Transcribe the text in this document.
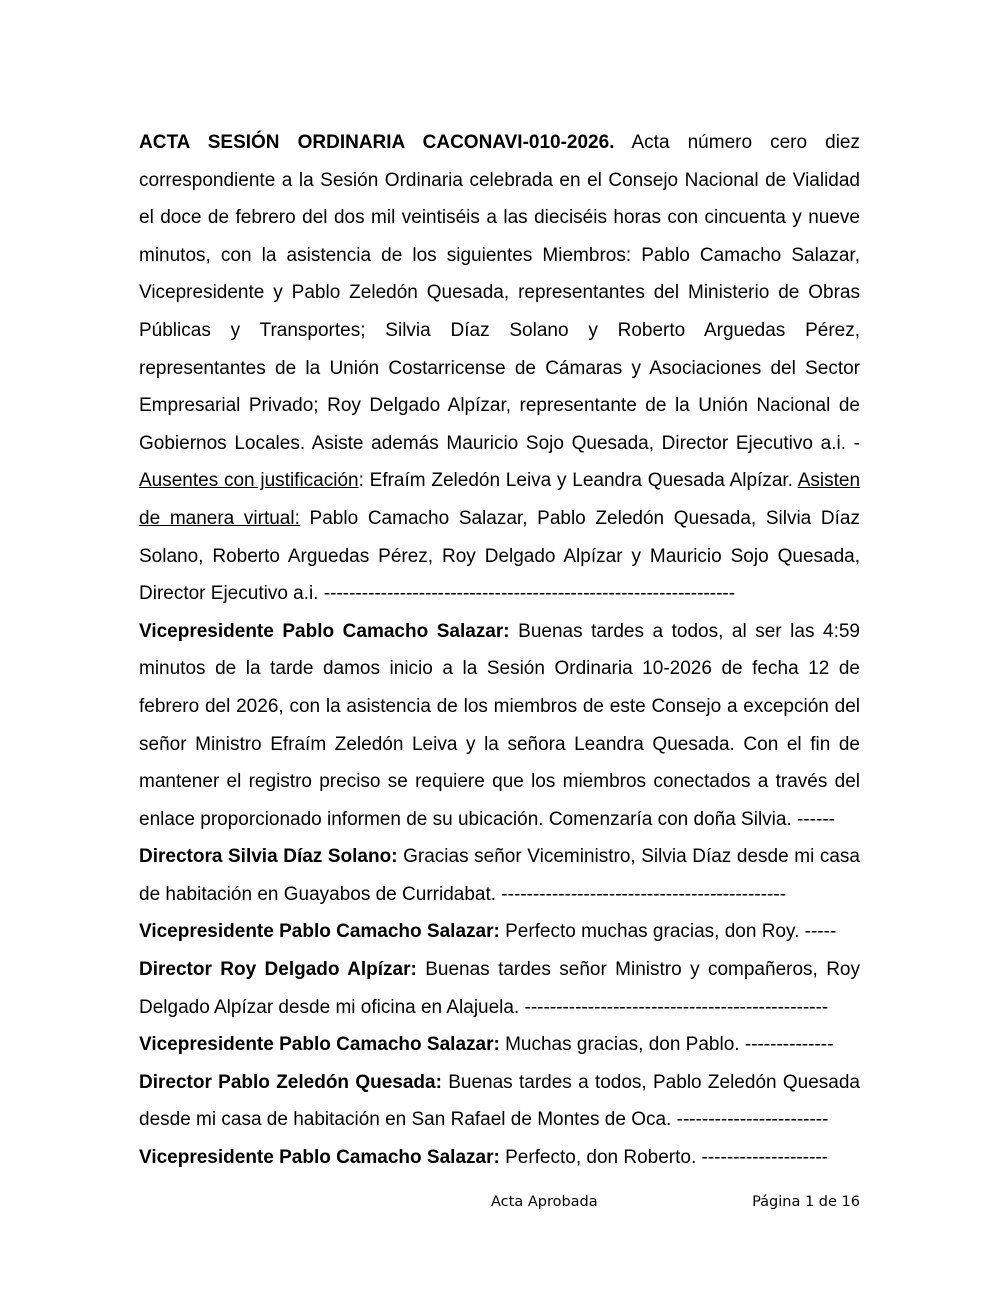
ACTA SESIÓN ORDINARIA CACONAVI-010-2026. Acta número cero diez correspondiente a la Sesión Ordinaria celebrada en el Consejo Nacional de Vialidad el doce de febrero del dos mil veintiséis a las dieciséis horas con cincuenta y nueve minutos, con la asistencia de los siguientes Miembros: Pablo Camacho Salazar, Vicepresidente y Pablo Zeledón Quesada, representantes del Ministerio de Obras Públicas y Transportes; Silvia Díaz Solano y Roberto Arguedas Pérez, representantes de la Unión Costarricense de Cámaras y Asociaciones del Sector Empresarial Privado; Roy Delgado Alpízar, representante de la Unión Nacional de Gobiernos Locales. Asiste además Mauricio Sojo Quesada, Director Ejecutivo a.i. - Ausentes con justificación: Efraím Zeledón Leiva y Leandra Quesada Alpízar. Asisten de manera virtual: Pablo Camacho Salazar, Pablo Zeledón Quesada, Silvia Díaz Solano, Roberto Arguedas Pérez, Roy Delgado Alpízar y Mauricio Sojo Quesada, Director Ejecutivo a.i. -----------------------------------------------------------------

Vicepresidente Pablo Camacho Salazar: Buenas tardes a todos, al ser las 4:59 minutos de la tarde damos inicio a la Sesión Ordinaria 10-2026 de fecha 12 de febrero del 2026, con la asistencia de los miembros de este Consejo a excepción del señor Ministro Efraím Zeledón Leiva y la señora Leandra Quesada. Con el fin de mantener el registro preciso se requiere que los miembros conectados a través del enlace proporcionado informen de su ubicación. Comenzaría con doña Silvia. ------

Directora Silvia Díaz Solano: Gracias señor Viceministro, Silvia Díaz desde mi casa de habitación en Guayabos de Curridabat. ---------------------------------------------

Vicepresidente Pablo Camacho Salazar: Perfecto muchas gracias, don Roy. -----

Director Roy Delgado Alpízar: Buenas tardes señor Ministro y compañeros, Roy Delgado Alpízar desde mi oficina en Alajuela. ------------------------------------------------

Vicepresidente Pablo Camacho Salazar: Muchas gracias, don Pablo. --------------

Director Pablo Zeledón Quesada: Buenas tardes a todos, Pablo Zeledón Quesada desde mi casa de habitación en San Rafael de Montes de Oca. ------------------------

Vicepresidente Pablo Camacho Salazar: Perfecto, don Roberto. --------------------

Acta Aprobada	Página 1 de 16
